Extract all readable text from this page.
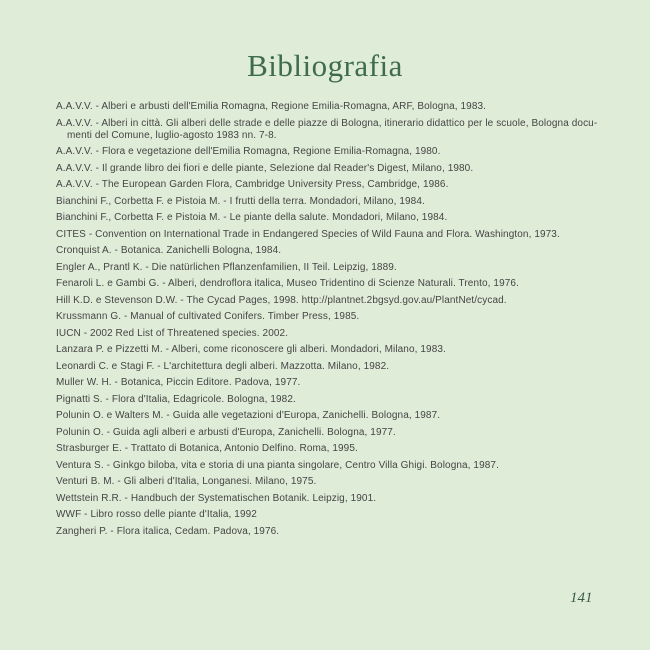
Bibliografia
A.A.V.V. - Alberi e arbusti dell'Emilia Romagna, Regione Emilia-Romagna, ARF, Bologna, 1983.
A.A.V.V. - Alberi in città. Gli alberi delle strade e delle piazze di Bologna, itinerario didattico per le scuole, Bologna docu-
menti del Comune, luglio-agosto 1983 nn. 7-8.
A.A.V.V. - Flora e vegetazione dell'Emilia Romagna, Regione Emilia-Romagna, 1980.
A.A.V.V. - Il grande libro dei fiori e delle piante, Selezione dal Reader's Digest, Milano, 1980.
A.A.V.V. - The European Garden Flora, Cambridge University Press, Cambridge, 1986.
Bianchini F., Corbetta F. e Pistoia M. - I frutti della terra. Mondadori, Milano, 1984.
Bianchini F., Corbetta F. e Pistoia M. - Le piante della salute. Mondadori, Milano, 1984.
CITES - Convention on International Trade in Endangered Species of Wild Fauna and Flora. Washington, 1973.
Cronquist A. - Botanica. Zanichelli Bologna, 1984.
Engler A., Prantl K. - Die natürlichen Pflanzenfamilien, II Teil. Leipzig, 1889.
Fenaroli L. e Gambi G. - Alberi, dendroflora italica, Museo Tridentino di Scienze Naturali. Trento, 1976.
Hill K.D. e Stevenson D.W. - The Cycad Pages, 1998. http://plantnet.2bgsyd.gov.au/PlantNet/cycad.
Krussmann G. - Manual of cultivated Conifers. Timber Press, 1985.
IUCN - 2002 Red List of Threatened species. 2002.
Lanzara P. e Pizzetti M. - Alberi, come riconoscere gli alberi. Mondadori, Milano, 1983.
Leonardi C. e Stagi F. - L'architettura degli alberi. Mazzotta. Milano, 1982.
Muller W. H. - Botanica, Piccin Editore. Padova, 1977.
Pignatti S. - Flora d'Italia, Edagricole. Bologna, 1982.
Polunin O. e Walters M. - Guida alle vegetazioni d'Europa, Zanichelli. Bologna, 1987.
Polunin O. - Guida agli alberi e arbusti d'Europa, Zanichelli. Bologna, 1977.
Strasburger E. - Trattato di Botanica, Antonio Delfino. Roma, 1995.
Ventura S. - Ginkgo biloba, vita e storia di una pianta singolare, Centro Villa Ghigi. Bologna, 1987.
Venturi B. M. - Gli alberi d'Italia, Longanesi. Milano, 1975.
Wettstein R.R. - Handbuch der Systematischen Botanik. Leipzig, 1901.
WWF - Libro rosso delle piante d'Italia, 1992
Zangheri P. - Flora italica, Cedam. Padova, 1976.
141
